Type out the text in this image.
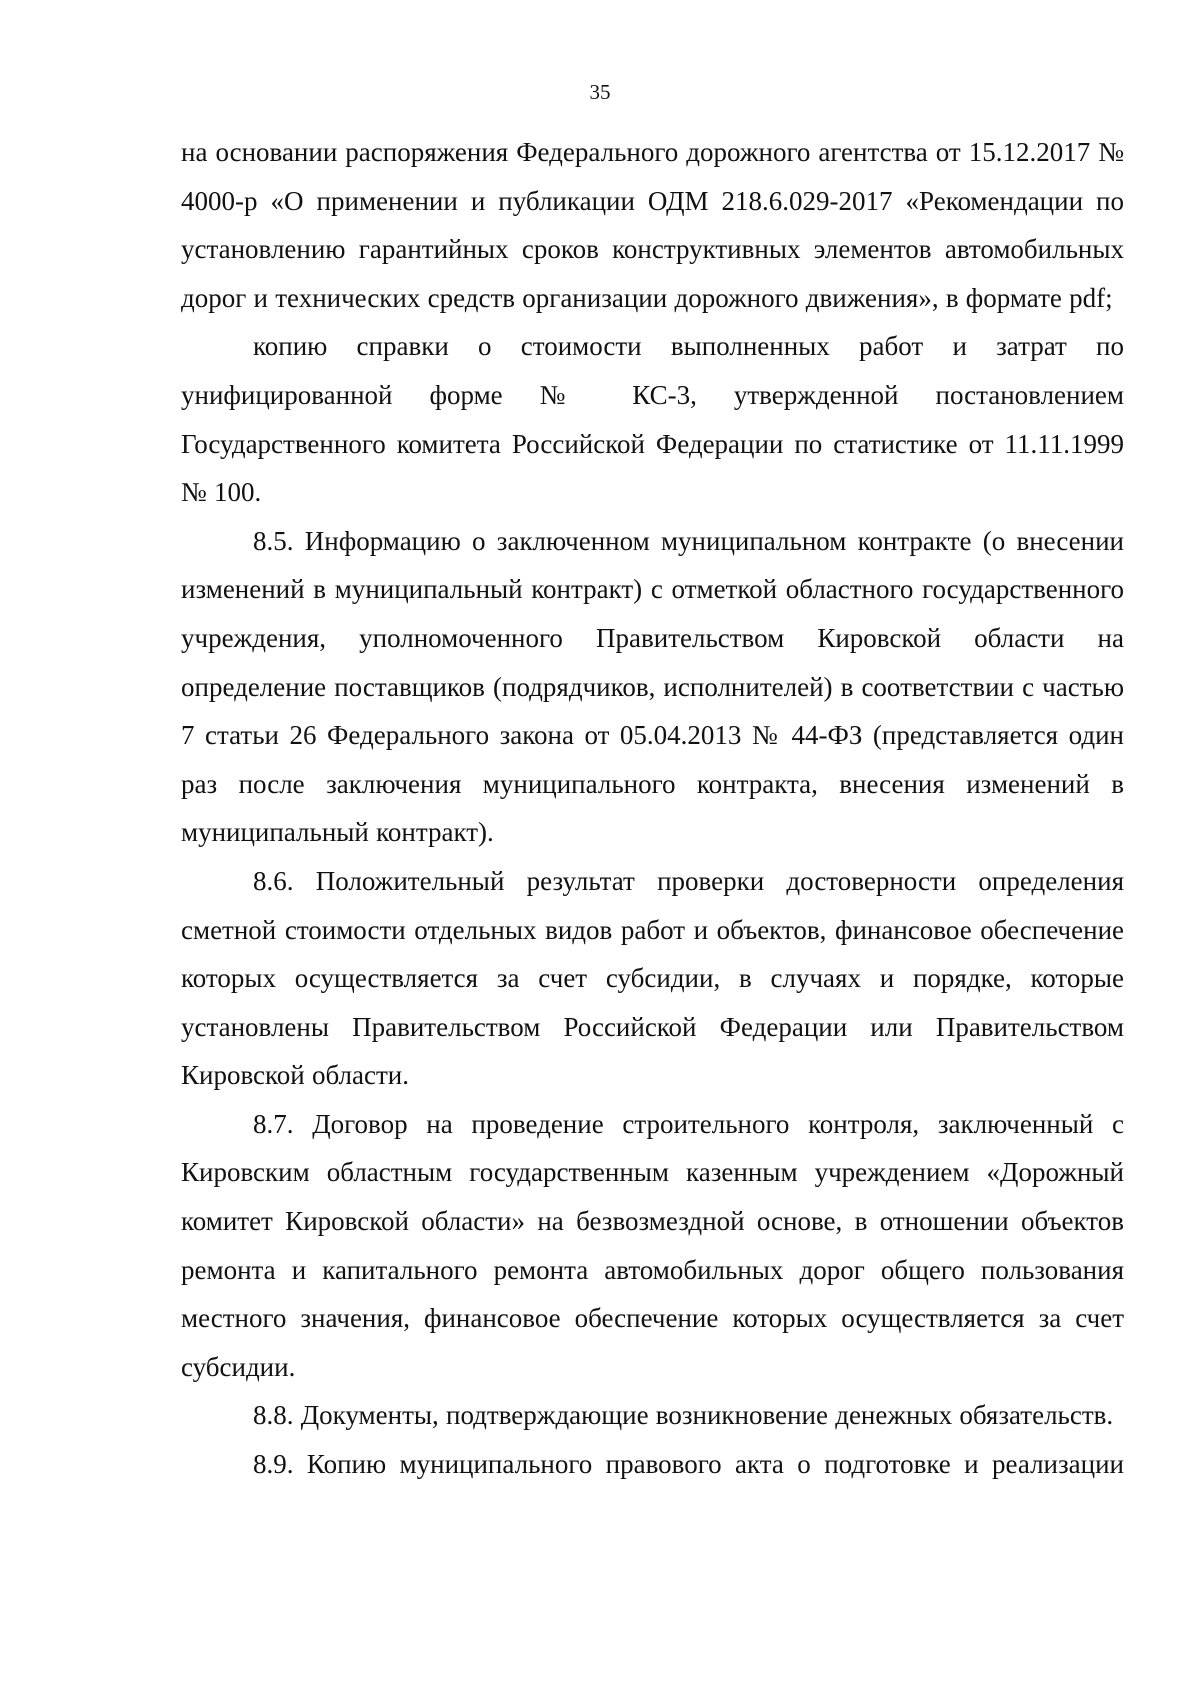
35

на основании распоряжения Федерального дорожного агентства от 15.12.2017 № 4000-р «О применении и публикации ОДМ 218.6.029-2017 «Рекомендации по установлению гарантийных сроков конструктивных элементов автомобильных дорог и технических средств организации дорожного движения», в формате pdf;

копию справки о стоимости выполненных работ и затрат по унифицированной форме № КС-3, утвержденной постановлением Государственного комитета Российской Федерации по статистике от 11.11.1999 № 100.

8.5. Информацию о заключенном муниципальном контракте (о внесении изменений в муниципальный контракт) с отметкой областного государственного учреждения, уполномоченного Правительством Кировской области на определение поставщиков (подрядчиков, исполнителей) в соответствии с частью 7 статьи 26 Федерального закона от 05.04.2013 № 44-ФЗ (представляется один раз после заключения муниципального контракта, внесения изменений в муниципальный контракт).

8.6. Положительный результат проверки достоверности определения сметной стоимости отдельных видов работ и объектов, финансовое обеспечение которых осуществляется за счет субсидии, в случаях и порядке, которые установлены Правительством Российской Федерации или Правительством Кировской области.

8.7. Договор на проведение строительного контроля, заключенный с Кировским областным государственным казенным учреждением «Дорожный комитет Кировской области» на безвозмездной основе, в отношении объектов ремонта и капитального ремонта автомобильных дорог общего пользования местного значения, финансовое обеспечение которых осуществляется за счет субсидии.

8.8. Документы, подтверждающие возникновение денежных обязательств.

8.9. Копию муниципального правового акта о подготовке и реализации
